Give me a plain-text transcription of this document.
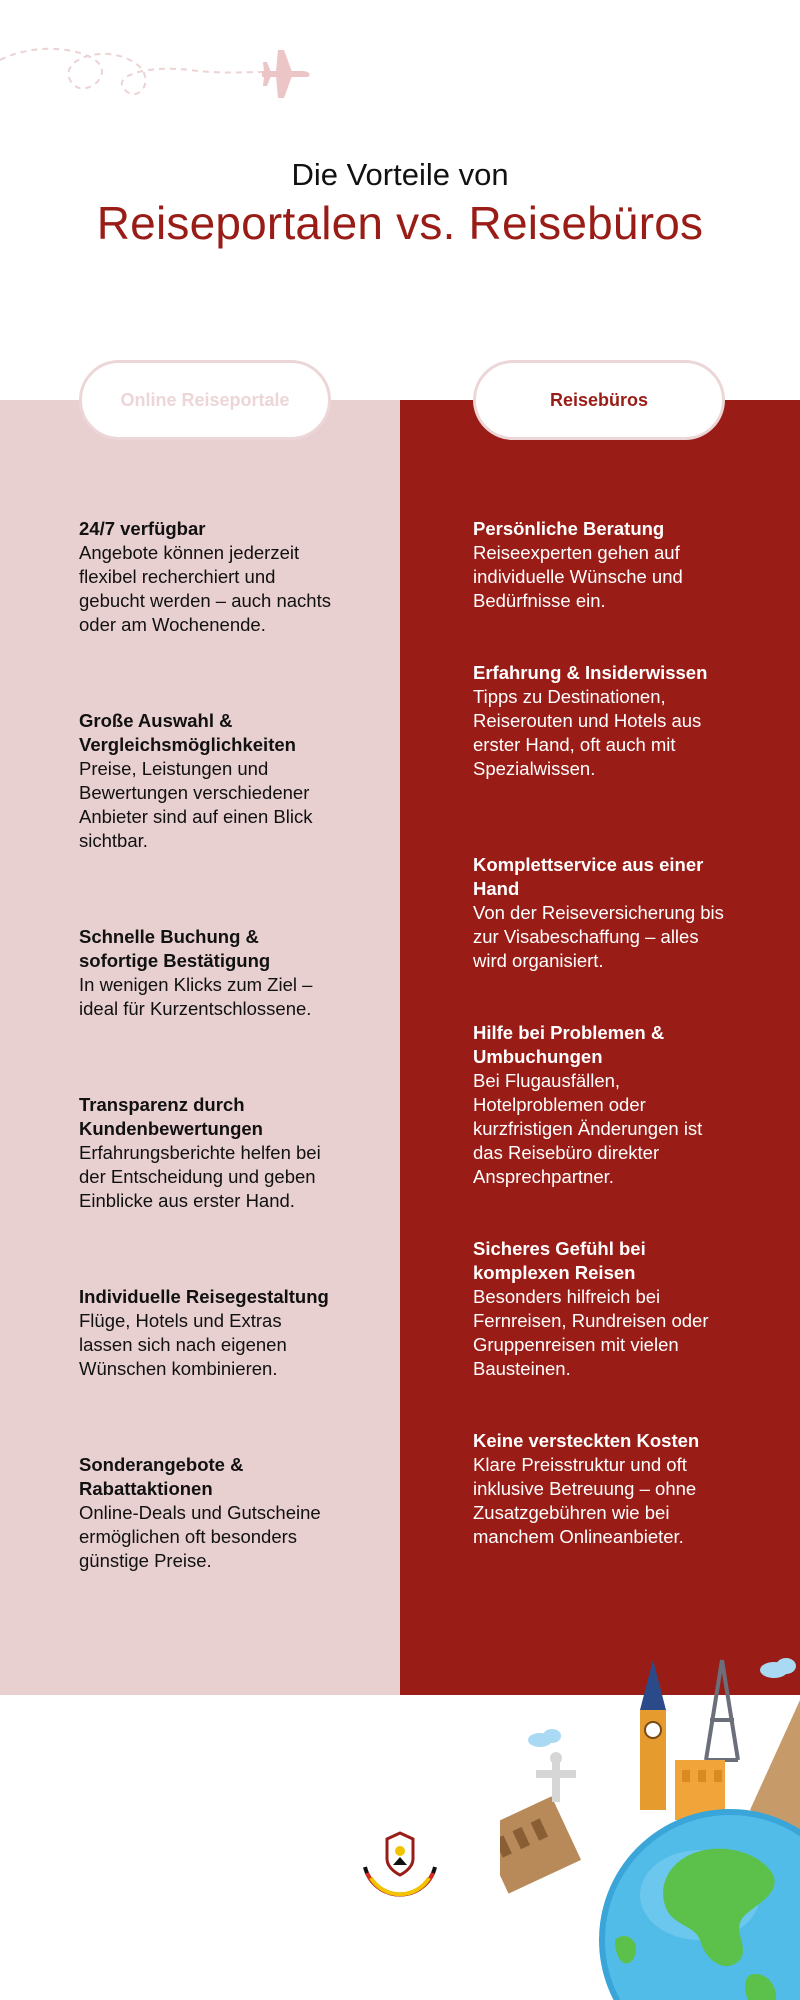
Die Vorteile von
Reiseportalen vs. Reisebüros
Online Reiseportale	Reisebüros
24/7 verfügbar
Angebote können jederzeit flexibel recherchiert und gebucht werden – auch nachts oder am Wochenende.
Große Auswahl & Vergleichsmöglichkeiten
Preise, Leistungen und Bewertungen verschiedener Anbieter sind auf einen Blick sichtbar.
Schnelle Buchung & sofortige Bestätigung
In wenigen Klicks zum Ziel – ideal für Kurzentschlossene.
Transparenz durch Kundenbewertungen
Erfahrungsberichte helfen bei der Entscheidung und geben Einblicke aus erster Hand.
Individuelle Reisegestaltung
Flüge, Hotels und Extras lassen sich nach eigenen Wünschen kombinieren.
Sonderangebote & Rabattaktionen
Online-Deals und Gutscheine ermöglichen oft besonders günstige Preise.
Persönliche Beratung
Reiseexperten gehen auf individuelle Wünsche und Bedürfnisse ein.
Erfahrung & Insiderwissen
Tipps zu Destinationen, Reiserouten und Hotels aus erster Hand, oft auch mit Spezialwissen.
Komplettservice aus einer Hand
Von der Reiseversicherung bis zur Visabeschaffung – alles wird organisiert.
Hilfe bei Problemen & Umbuchungen
Bei Flugausfällen, Hotelproblemen oder kurzfristigen Änderungen ist das Reisebüro direkter Ansprechpartner.
Sicheres Gefühl bei komplexen Reisen
Besonders hilfreich bei Fernreisen, Rundreisen oder Gruppenreisen mit vielen Bausteinen.
Keine versteckten Kosten
Klare Preisstruktur und oft inklusive Betreuung – ohne Zusatzgebühren wie bei manchem Onlineanbieter.
